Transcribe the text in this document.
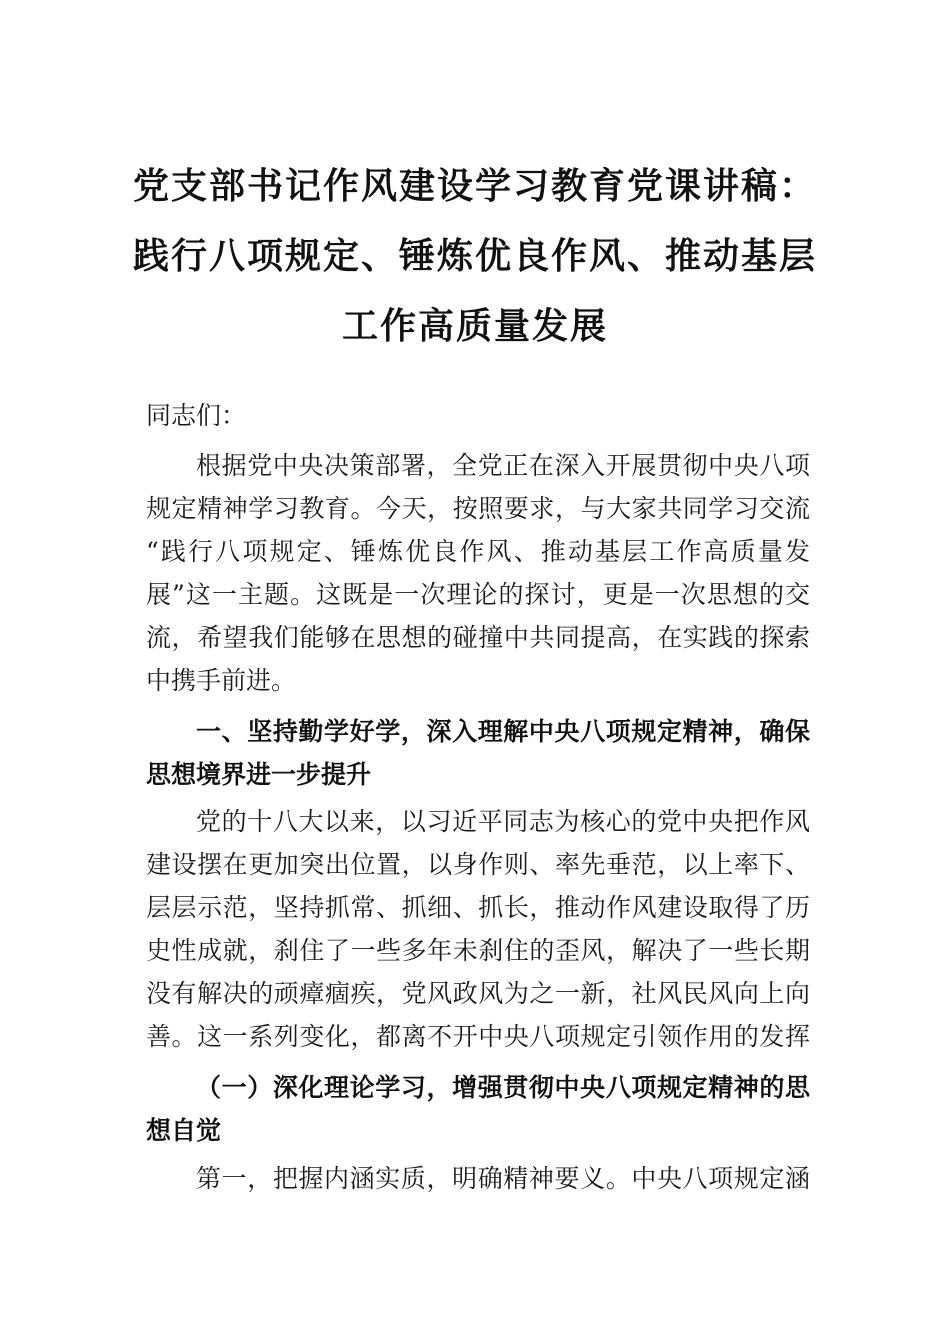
党支部书记作风建设学习教育党课讲稿：
践行八项规定、锤炼优良作风、推动基层
工作高质量发展
同志们：
根据党中央决策部署，全党正在深入开展贯彻中央八项
规定精神学习教育。今天，按照要求，与大家共同学习交流
“践行八项规定、锤炼优良作风、推动基层工作高质量发
展”这一主题。这既是一次理论的探讨，更是一次思想的交
流，希望我们能够在思想的碰撞中共同提高，在实践的探索
中携手前进。
一、坚持勤学好学，深入理解中央八项规定精神，确保
思想境界进一步提升
党的十八大以来，以习近平同志为核心的党中央把作风
建设摆在更加突出位置，以身作则、率先垂范，以上率下、
层层示范，坚持抓常、抓细、抓长，推动作风建设取得了历
史性成就，刹住了一些多年未刹住的歪风，解决了一些长期
没有解决的顽瘴痼疾，党风政风为之一新，社风民风向上向
善。这一系列变化，都离不开中央八项规定引领作用的发挥
（一）深化理论学习，增强贯彻中央八项规定精神的思
想自觉
第一，把握内涵实质，明确精神要义。中央八项规定涵
